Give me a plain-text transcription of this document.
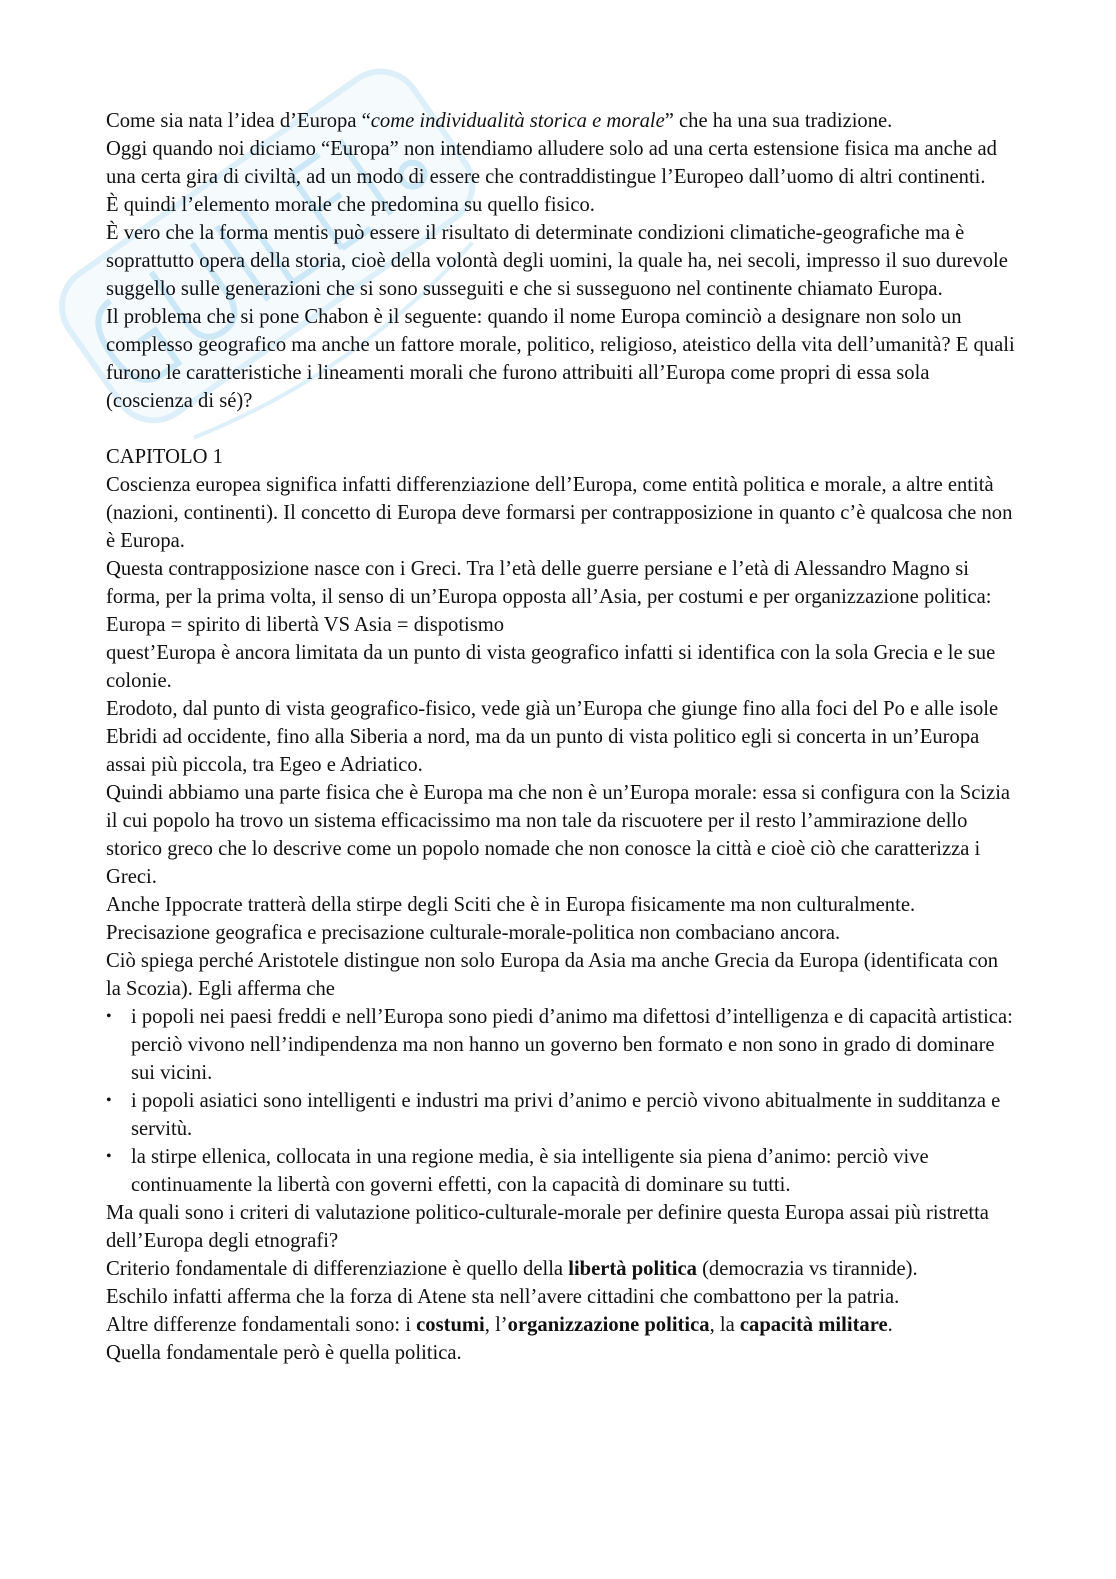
Come sia nata l’idea d’Europa “come individualità storica e morale” che ha una sua tradizione.

Oggi quando noi diciamo “Europa” non intendiamo alludere solo ad una certa estensione fisica ma anche ad una certa gira di civiltà, ad un modo di essere che contraddistingue l’Europeo dall’uomo di altri continenti.

È quindi l’elemento morale che predomina su quello fisico.

È vero che la forma mentis può essere il risultato di determinate condizioni climatiche-geografiche ma è soprattutto opera della storia, cioè della volontà degli uomini, la quale ha, nei secoli, impresso il suo durevole suggello sulle generazioni che si sono susseguiti e che si susseguono nel continente chiamato Europa.

Il problema che si pone Chabon è il seguente: quando il nome Europa cominciò a designare non solo un complesso geografico ma anche un fattore morale, politico, religioso, ateistico della vita dell’umanità? E quali furono le caratteristiche i lineamenti morali che furono attribuiti all’Europa come propri di essa sola (coscienza di sé)?

CAPITOLO 1

Coscienza europea significa infatti differenziazione dell’Europa, come entità politica e morale, a altre entità (nazioni, continenti). Il concetto di Europa deve formarsi per contrapposizione in quanto c’è qualcosa che non è Europa.

Questa contrapposizione nasce con i Greci. Tra l’età delle guerre persiane e l’età di Alessandro Magno si forma, per la prima volta, il senso di un’Europa opposta all’Asia, per costumi e per organizzazione politica: Europa = spirito di libertà VS Asia = dispotismo

quest’Europa è ancora limitata da un punto di vista geografico infatti si identifica con la sola Grecia e le sue colonie.

Erodoto, dal punto di vista geografico-fisico, vede già un’Europa che giunge fino alla foci del Po e alle isole Ebridi ad occidente, fino alla Siberia a nord, ma da un punto di vista politico egli si concerta in un’Europa assai più piccola, tra Egeo e Adriatico.

Quindi abbiamo una parte fisica che è Europa ma che non è un’Europa morale: essa si configura con la Scizia il cui popolo ha trovo un sistema efficacissimo ma non tale da riscuotere per il resto l’ammirazione dello storico greco che lo descrive come un popolo nomade che non conosce la città e cioè ciò che caratterizza i Greci.

Anche Ippocrate tratterà della stirpe degli Sciti che è in Europa fisicamente ma non culturalmente.

Precisazione geografica e precisazione culturale-morale-politica non combaciano ancora.

Ciò spiega perché Aristotele distingue non solo Europa da Asia ma anche Grecia da Europa (identificata con la Scozia). Egli afferma che

• i popoli nei paesi freddi e nell’Europa sono piedi d’animo ma difettosi d’intelligenza e di capacità artistica: perciò vivono nell’indipendenza ma non hanno un governo ben formato e non sono in grado di dominare sui vicini.
• i popoli asiatici sono intelligenti e industri ma privi d’animo e perciò vivono abitualmente in sudditanza e servitù.
• la stirpe ellenica, collocata in una regione media, è sia intelligente sia piena d’animo: perciò vive continuamente la libertà con governi effetti, con la capacità di dominare su tutti.

Ma quali sono i criteri di valutazione politico-culturale-morale per definire questa Europa assai più ristretta dell’Europa degli etnografi?

Criterio fondamentale di differenziazione è quello della libertà politica (democrazia vs tirannide).

Eschilo infatti afferma che la forza di Atene sta nell’avere cittadini che combattono per la patria.

Altre differenze fondamentali sono: i costumi, l’organizzazione politica, la capacità militare.

Quella fondamentale però è quella politica.
